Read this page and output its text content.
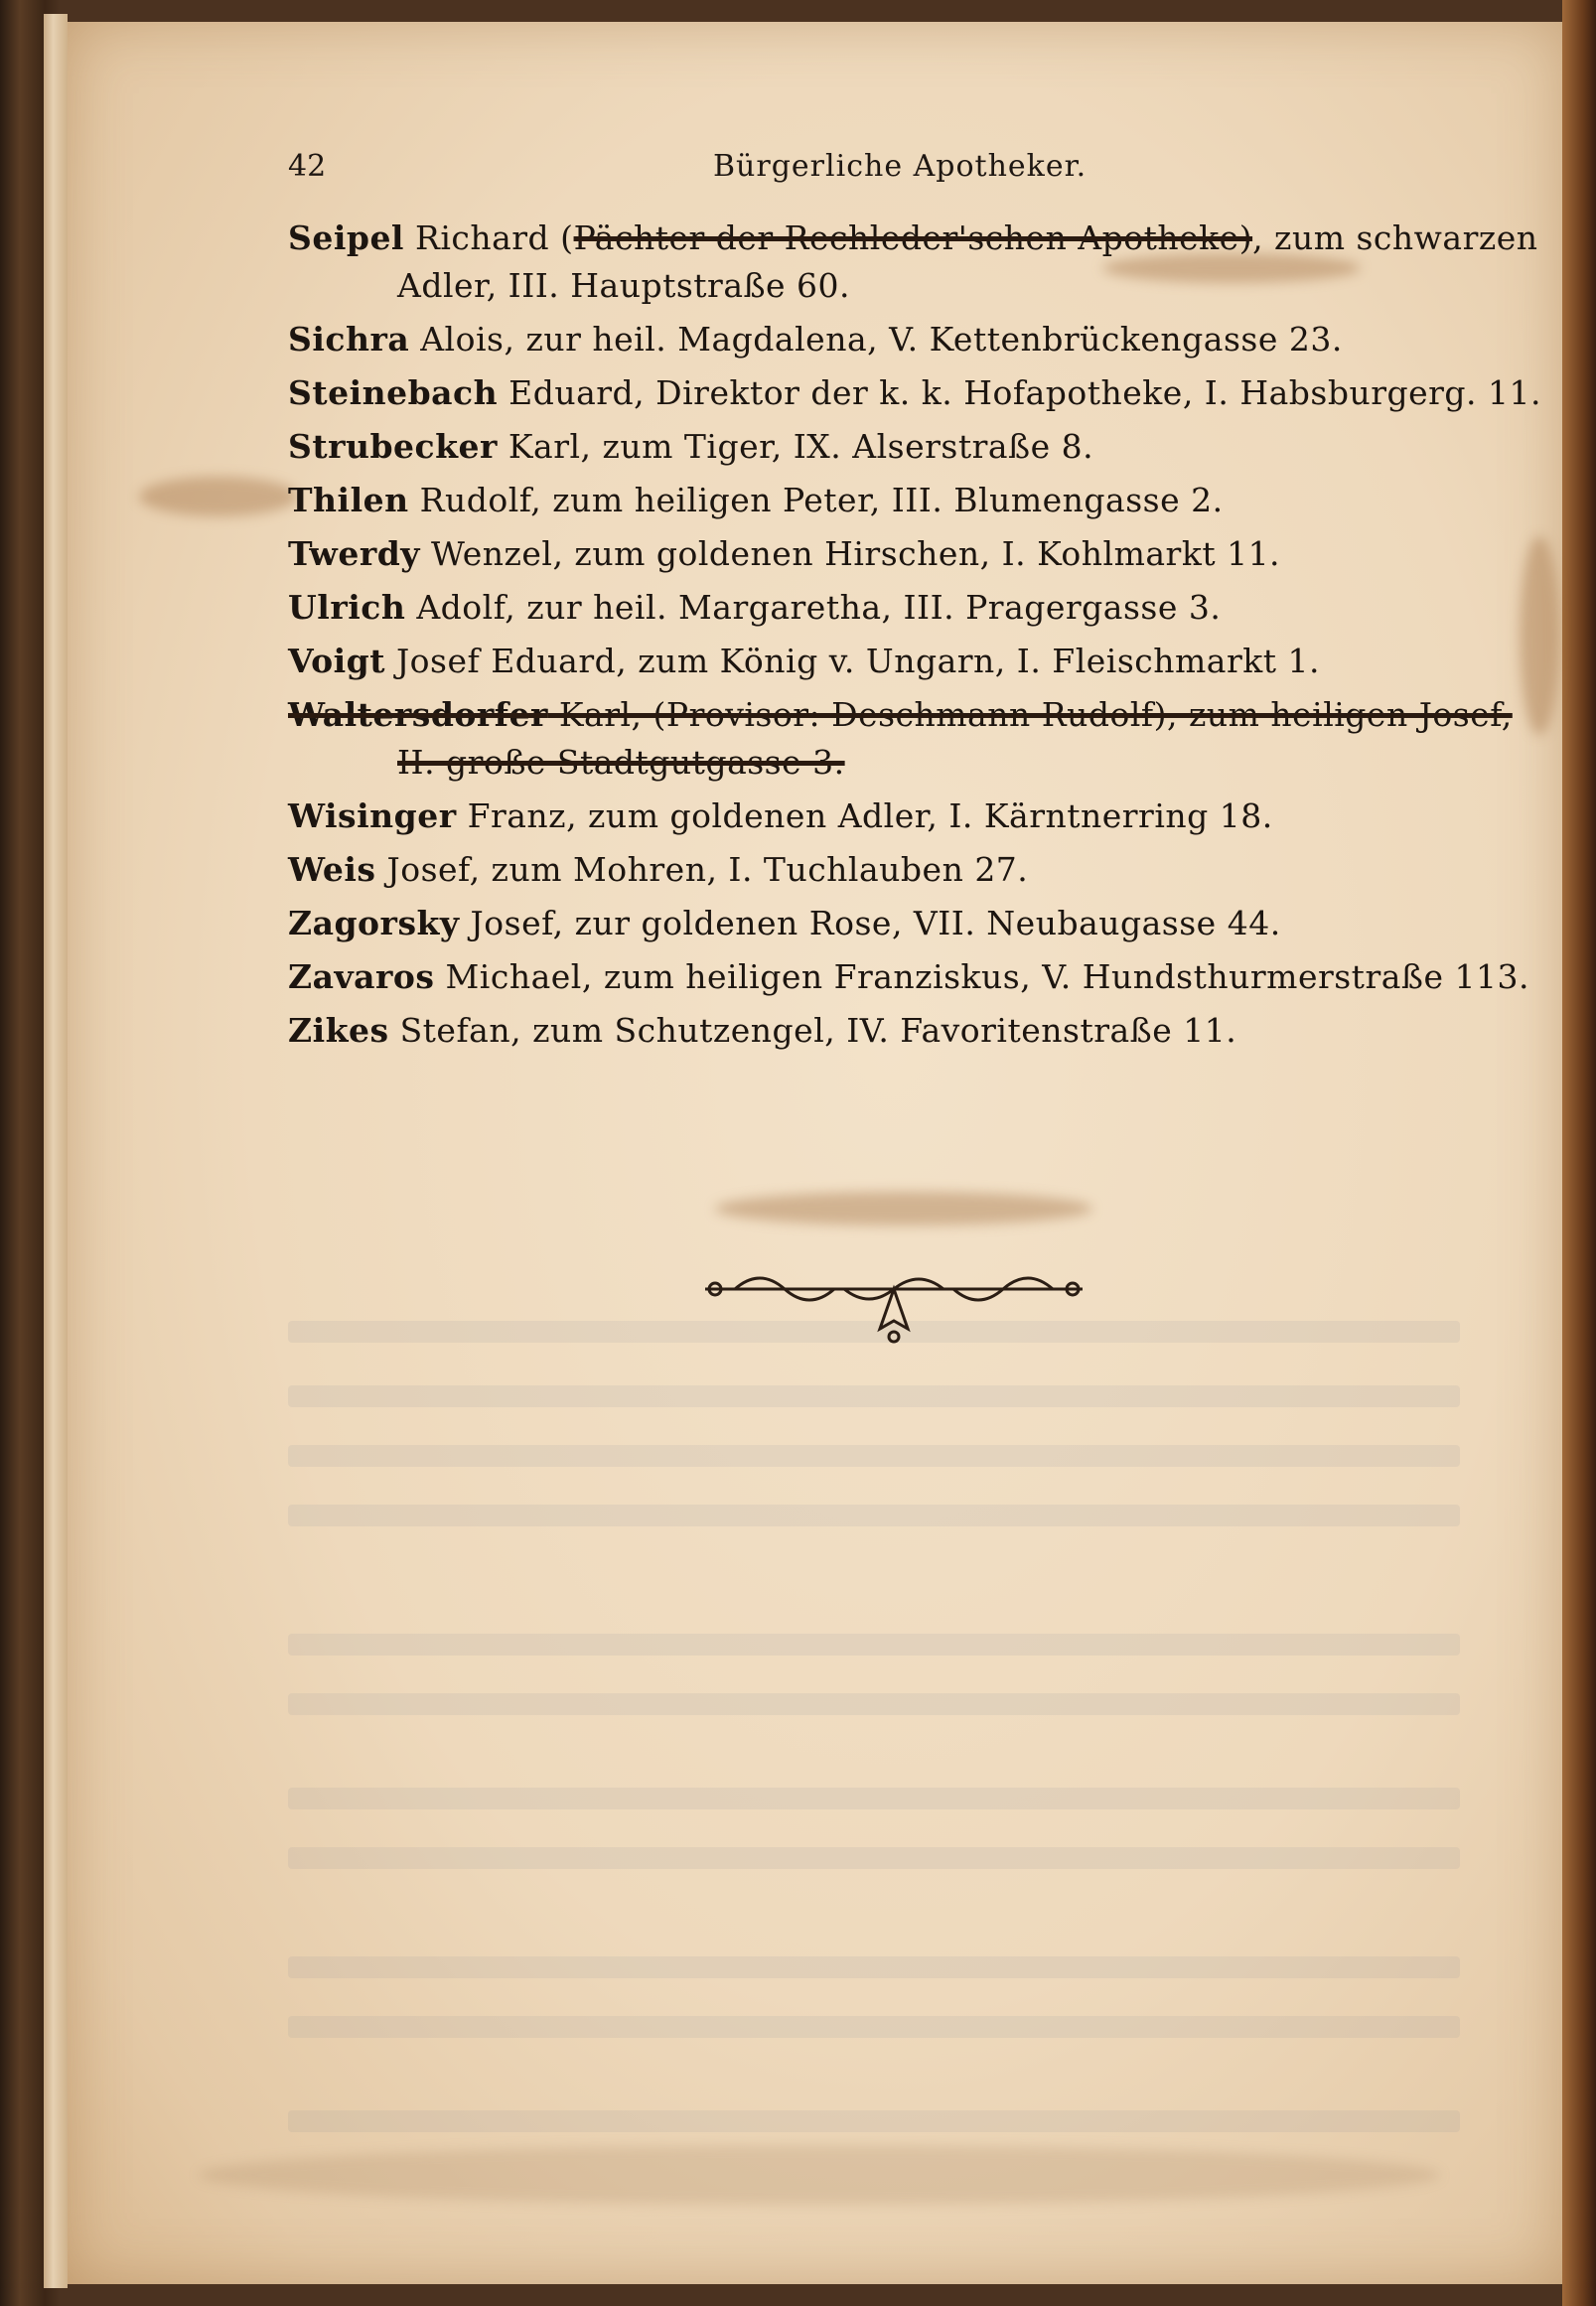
42	Bürgerliche Apotheker.
Seipel Richard (Pächter der Rechleder'schen Apotheke), zum schwarzen
Adler, III. Hauptstraße 60.
Sichra Alois, zur heil. Magdalena, V. Kettenbrückengasse 23.
Steinebach Eduard, Direktor der k. k. Hofapotheke, I. Habsburgerg. 11.
Strubecker Karl, zum Tiger, IX. Alserstraße 8.
Thilen Rudolf, zum heiligen Peter, III. Blumengasse 2.
Twerdy Wenzel, zum goldenen Hirschen, I. Kohlmarkt 11.
Ulrich Adolf, zur heil. Margaretha, III. Pragergasse 3.
Voigt Josef Eduard, zum König v. Ungarn, I. Fleischmarkt 1.
Waltersdorfer Karl, (Provisor: Deschmann Rudolf), zum heiligen Josef,
II. große Stadtgutgasse 3.
Wisinger Franz, zum goldenen Adler, I. Kärntnerring 18.
Weis Josef, zum Mohren, I. Tuchlauben 27.
Zagorsky Josef, zur goldenen Rose, VII. Neubaugasse 44.
Zavaros Michael, zum heiligen Franziskus, V. Hundsthurmerstraße 113.
Zikes Stefan, zum Schutzengel, IV. Favoritenstraße 11.
